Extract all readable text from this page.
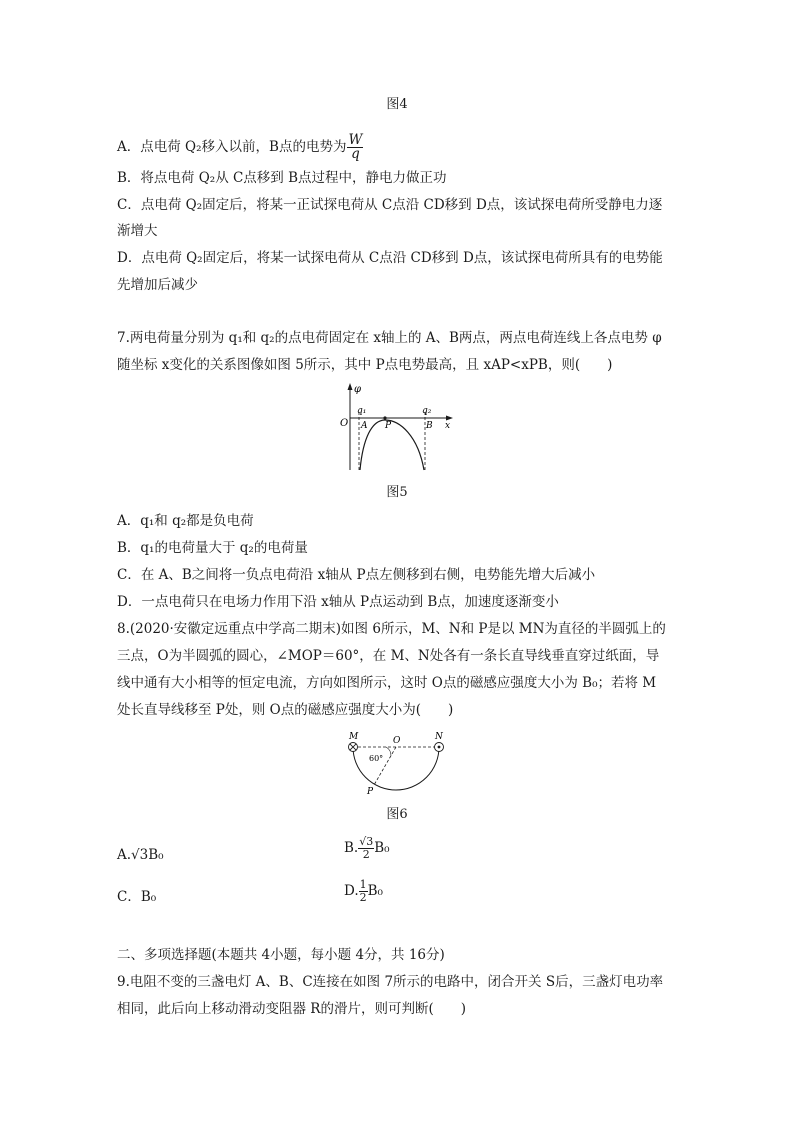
图4
A．点电荷 Q₂移入以前，B点的电势为 $\frac{W}{q}$
B．将点电荷 Q₂从 C点移到 B点过程中，静电力做正功
C．点电荷 Q₂固定后，将某一正试探电荷从 C点沿 CD移到 D点，该试探电荷所受静电力逐
渐增大
D．点电荷 Q₂固定后，将某一试探电荷从 C点沿 CD移到 D点，该试探电荷所具有的电势能
先增加后减少
7.两电荷量分别为 q₁和 q₂的点电荷固定在 x轴上的 A、B两点，两点电荷连线上各点电势 φ
随坐标 x变化的关系图像如图 5所示，其中 P点电势最高，且 xAP<xPB，则(　　)
φ
O
q₁	q₂
A P	B x
图5
A．q₁和 q₂都是负电荷
B．q₁的电荷量大于 q₂的电荷量
C．在 A、B之间将一负点电荷沿 x轴从 P点左侧移到右侧，电势能先增大后减小
D．一点电荷只在电场力作用下沿 x轴从 P点运动到 B点，加速度逐渐变小
8.(2020·安徽定远重点中学高二期末)如图 6所示，M、N和 P是以 MN为直径的半圆弧上的
三点，O为半圆弧的圆心，∠MOP＝60°，在 M、N处各有一条长直导线垂直穿过纸面，导
线中通有大小相等的恒定电流，方向如图所示，这时 O点的磁感应强度大小为 B₀；若将 M
处长直导线移至 P处，则 O点的磁感应强度大小为(　　)
M	O	N
P
60°
图6
A.√3B₀	B. $\frac{√3}{2} B_0$
C．B₀	D. $\frac{1}{2} B_0$
二、多项选择题(本题共 4小题，每小题 4分，共 16分)
9.电阻不变的三盏电灯 A、B、C连接在如图 7所示的电路中，闭合开关 S后，三盏灯电功率
相同，此后向上移动滑动变阻器 R的滑片，则可判断(　　)
